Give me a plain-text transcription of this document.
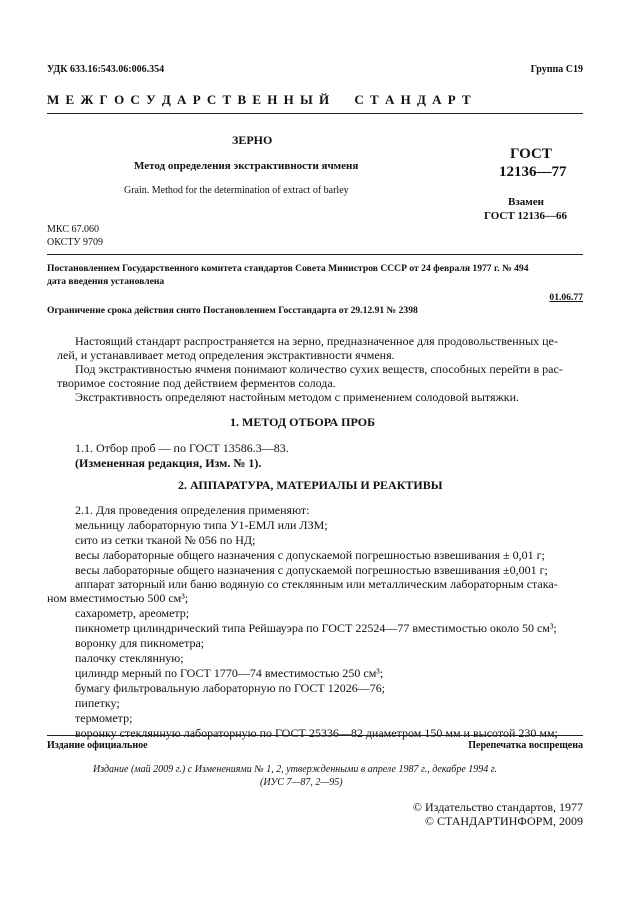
УДК 633.16:543.06:006.354	Группа С19
М Е Ж Г О С У Д А Р С Т В Е Н Н Ы Й     С Т А Н Д А Р Т
ЗЕРНО
Метод определения экстрактивности ячменя
Grain. Method for the determination of extract of barley
ГОСТ
12136—77
Взамен
ГОСТ 12136—66
МКС 67.060
ОКСТУ 9709
Постановлением Государственного комитета стандартов Совета Министров СССР от 24 февраля 1977 г. № 494
дата введения установлена
01.06.77
Ограничение срока действия снято Постановлением Госстандарта от 29.12.91 № 2398
Настоящий стандарт распространяется на зерно, предназначенное для продовольственных це-
лей, и устанавливает метод определения экстрактивности ячменя.
Под экстрактивностью ячменя понимают количество сухих веществ, способных перейти в рас-
творимое состояние под действием ферментов солода.
Экстрактивность определяют настойным методом с применением солодовой вытяжки.
1. МЕТОД ОТБОРА ПРОБ
1.1. Отбор проб — по ГОСТ 13586.3—83.
(Измененная редакция, Изм. № 1).
2. АППАРАТУРА, МАТЕРИАЛЫ И РЕАКТИВЫ
2.1. Для проведения определения применяют:
мельницу лабораторную типа У1-ЕМЛ или ЛЗМ;
сито из сетки тканой № 056 по НД;
весы лабораторные общего назначения с допускаемой погрешностью взвешивания ± 0,01 г;
весы лабораторные общего назначения с допускаемой погрешностью взвешивания ±0,001 г;
аппарат заторный или баню водяную со стеклянным или металлическим лабораторным стака-
ном вместимостью 500 см³;
сахарометр, ареометр;
пикнометр цилиндрический типа Рейшауэра по ГОСТ 22524—77 вместимостью около 50 см³;
воронку для пикнометра;
палочку стеклянную;
цилиндр мерный по ГОСТ 1770—74 вместимостью 250 см³;
бумагу фильтровальную лабораторную по ГОСТ 12026—76;
пипетку;
термометр;
воронку стеклянную лабораторную по ГОСТ 25336—82 диаметром 150 мм и высотой 230 мм;
Издание официальное	Перепечатка воспрещена
Издание (май 2009 г.) с Изменениями № 1, 2, утвержденными в апреле 1987 г., декабре 1994 г.
(ИУС 7—87, 2—95)
© Издательство стандартов, 1977
© СТАНДАРТИНФОРМ, 2009
